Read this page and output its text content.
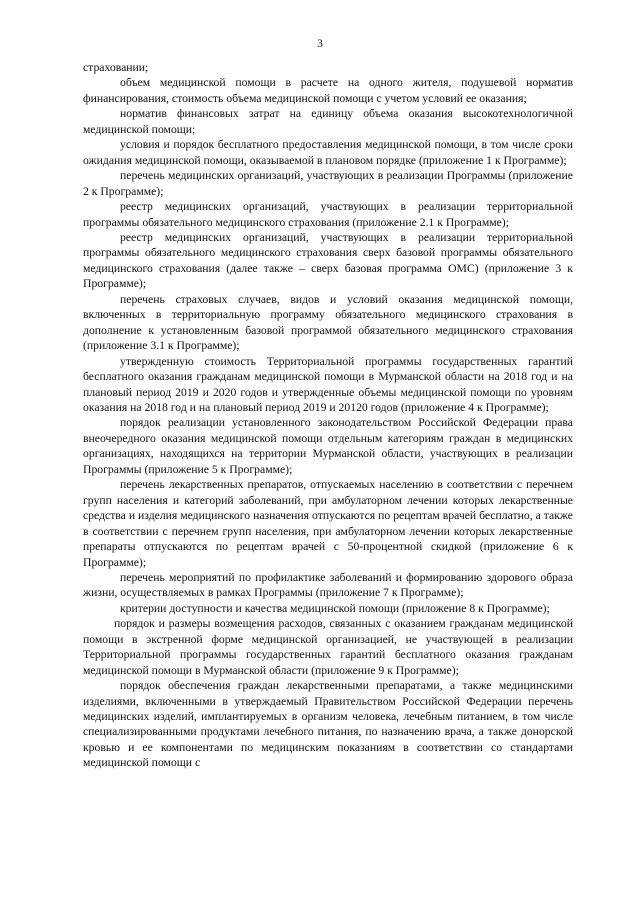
3

страховании;

объем медицинской помощи в расчете на одного жителя, подушевой норматив финансирования, стоимость объема медицинской помощи с учетом условий ее оказания;

норматив финансовых затрат на единицу объема оказания высокотехнологичной медицинской помощи;

условия и порядок бесплатного предоставления медицинской помощи, в том числе сроки ожидания медицинской помощи, оказываемой в плановом порядке (приложение 1 к Программе);

перечень медицинских организаций, участвующих в реализации Программы (приложение 2 к Программе);

реестр медицинских организаций, участвующих в реализации территориальной программы обязательного медицинского страхования (приложение 2.1 к Программе);

реестр медицинских организаций, участвующих в реализации территориальной программы обязательного медицинского страхования сверх базовой программы обязательного медицинского страхования (далее также – сверх базовая программа ОМС) (приложение 3 к Программе);

перечень страховых случаев, видов и условий оказания медицинской помощи, включенных в территориальную программу обязательного медицинского страхования в дополнение к установленным базовой программой обязательного медицинского страхования (приложение 3.1 к Программе);

утвержденную стоимость Территориальной программы государственных гарантий бесплатного оказания гражданам медицинской помощи в Мурманской области на 2018 год и на плановый период 2019 и 2020 годов и утвержденные объемы медицинской помощи по уровням оказания на 2018 год и на плановый период 2019 и 20120 годов (приложение 4 к Программе);

порядок реализации установленного законодательством Российской Федерации права внеочередного оказания медицинской помощи отдельным категориям граждан в медицинских организациях, находящихся на территории Мурманской области, участвующих в реализации Программы (приложение 5 к Программе);

перечень лекарственных препаратов, отпускаемых населению в соответствии с перечнем групп населения и категорий заболеваний, при амбулаторном лечении которых лекарственные средства и изделия медицинского назначения отпускаются по рецептам врачей бесплатно, а также в соответствии с перечнем групп населения, при амбулаторном лечении которых лекарственные препараты отпускаются по рецептам врачей с 50-процентной скидкой (приложение 6 к Программе);

перечень мероприятий по профилактике заболеваний и формированию здорового образа жизни, осуществляемых в рамках Программы (приложение 7 к Программе);

критерии доступности и качества медицинской помощи (приложение 8 к Программе);

порядок и размеры возмещения расходов, связанных с оказанием гражданам медицинской помощи в экстренной форме медицинской организацией, не участвующей в реализации Территориальной программы государственных гарантий бесплатного оказания гражданам медицинской помощи в Мурманской области (приложение 9 к Программе);

порядок обеспечения граждан лекарственными препаратами, а также медицинскими изделиями, включенными в утверждаемый Правительством Российской Федерации перечень медицинских изделий, имплантируемых в организм человека, лечебным питанием, в том числе специализированными продуктами лечебного питания, по назначению врача, а также донорской кровью и ее компонентами по медицинским показаниям в соответствии со стандартами медицинской помощи с
